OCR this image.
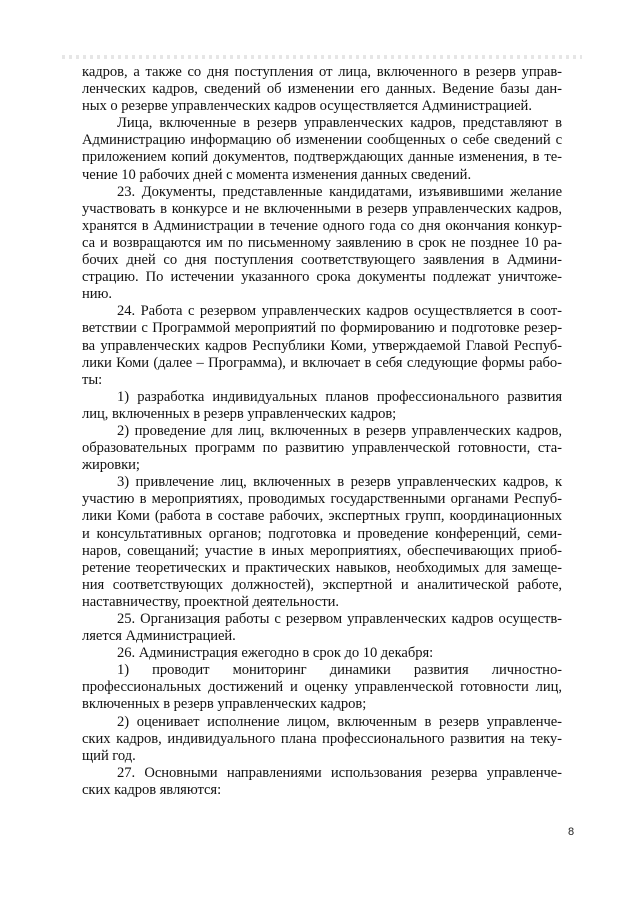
кадров, а также со дня поступления от лица, включенного в резерв управ-
ленческих кадров, сведений об изменении его данных. Ведение базы дан-
ных о резерве управленческих кадров осуществляется Администрацией.
Лица, включенные в резерв управленческих кадров, представляют в
Администрацию информацию об изменении сообщенных о себе сведений с
приложением копий документов, подтверждающих данные изменения, в те-
чение 10 рабочих дней с момента изменения данных сведений.
23. Документы, представленные кандидатами, изъявившими желание
участвовать в конкурсе и не включенными в резерв управленческих кадров,
хранятся в Администрации в течение одного года со дня окончания конкур-
са и возвращаются им по письменному заявлению в срок не позднее 10 ра-
бочих дней со дня поступления соответствующего заявления в Админи-
страцию. По истечении указанного срока документы подлежат уничтоже-
нию.
24. Работа с резервом управленческих кадров осуществляется в соот-
ветствии с Программой мероприятий по формированию и подготовке резер-
ва управленческих кадров Республики Коми, утверждаемой Главой Респуб-
лики Коми (далее – Программа), и включает в себя следующие формы рабо-
ты:
1) разработка индивидуальных планов профессионального развития
лиц, включенных в резерв управленческих кадров;
2) проведение для лиц, включенных в резерв управленческих кадров,
образовательных программ по развитию управленческой готовности, ста-
жировки;
3) привлечение лиц, включенных в резерв управленческих кадров, к
участию в мероприятиях, проводимых государственными органами Респуб-
лики Коми (работа в составе рабочих, экспертных групп, координационных
и консультативных органов; подготовка и проведение конференций, семи-
наров, совещаний; участие в иных мероприятиях, обеспечивающих приоб-
ретение теоретических и практических навыков, необходимых для замеще-
ния соответствующих должностей), экспертной и аналитической работе,
наставничеству, проектной деятельности.
25. Организация работы с резервом управленческих кадров осуществ-
ляется Администрацией.
26. Администрация ежегодно в срок до 10 декабря:
1) проводит мониторинг динамики развития личностно-
профессиональных достижений и оценку управленческой готовности лиц,
включенных в резерв управленческих кадров;
2) оценивает исполнение лицом, включенным в резерв управленче-
ских кадров, индивидуального плана профессионального развития на теку-
щий год.
27. Основными направлениями использования резерва управленче-
ских кадров являются:
8
